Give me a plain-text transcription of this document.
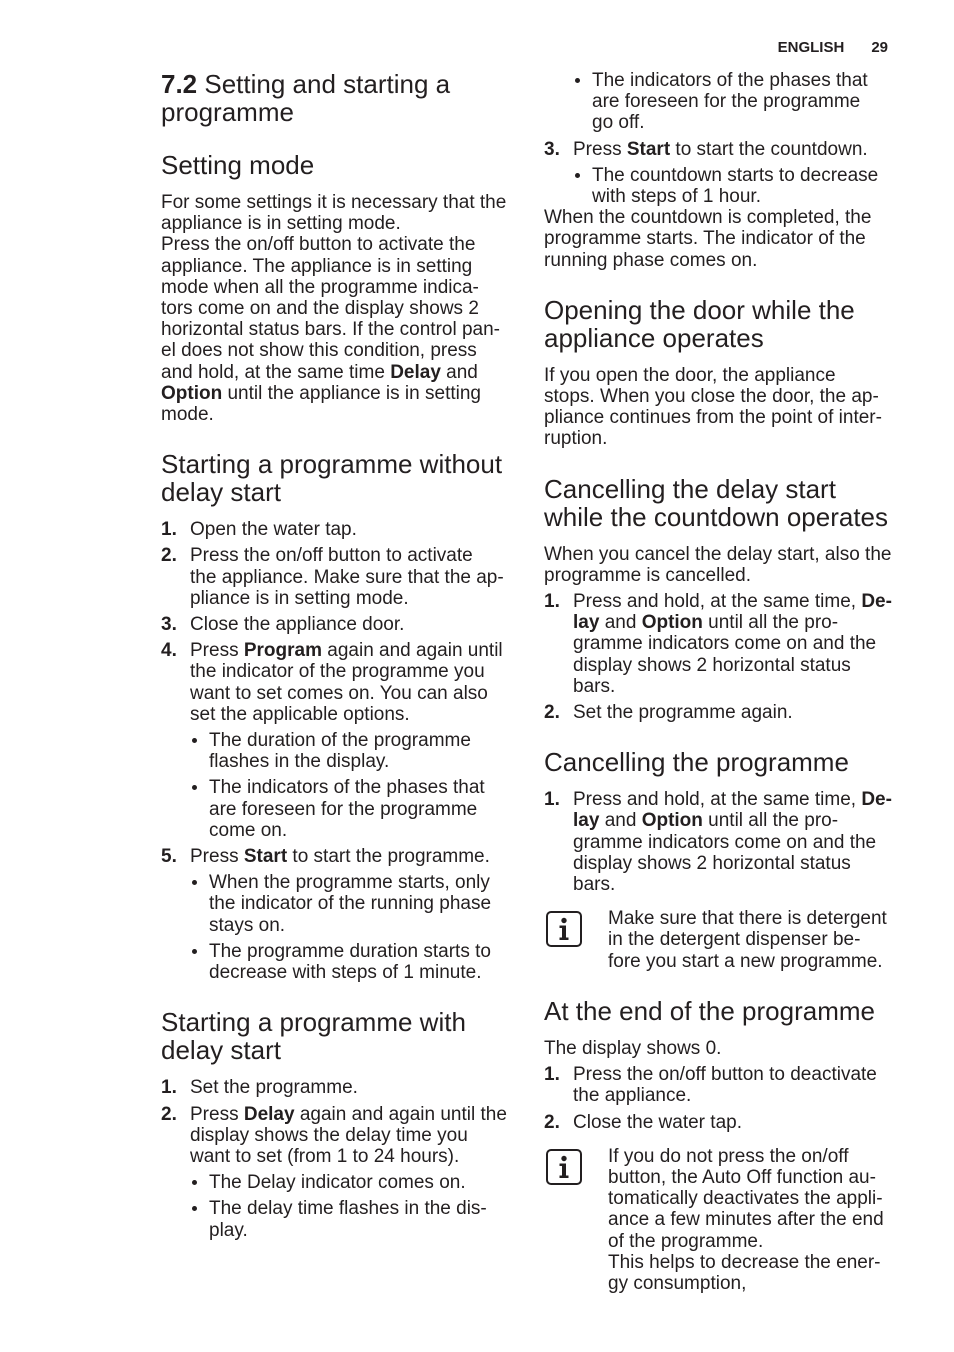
ENGLISH 29
7.2 Setting and starting a
programme
Setting mode
For some settings it is necessary that the
appliance is in setting mode.
Press the on/off button to activate the
appliance. The appliance is in setting
mode when all the programme indica-
tors come on and the display shows 2
horizontal status bars. If the control pan-
el does not show this condition, press
and hold, at the same time Delay and
Option until the appliance is in setting
mode.
Starting a programme without
delay start
1. Open the water tap.
2. Press the on/off button to activate
the appliance. Make sure that the ap-
pliance is in setting mode.
3. Close the appliance door.
4. Press Program again and again until
the indicator of the programme you
want to set comes on. You can also
set the applicable options.
The duration of the programme
flashes in the display.
The indicators of the phases that
are foreseen for the programme
come on.
5. Press Start to start the programme.
When the programme starts, only
the indicator of the running phase
stays on.
The programme duration starts to
decrease with steps of 1 minute.
Starting a programme with
delay start
1. Set the programme.
2. Press Delay again and again until the
display shows the delay time you
want to set (from 1 to 24 hours).
The Delay indicator comes on.
The delay time flashes in the dis-
play.
The indicators of the phases that
are foreseen for the programme
go off.
3. Press Start to start the countdown.
The countdown starts to decrease
with steps of 1 hour.
When the countdown is completed, the
programme starts. The indicator of the
running phase comes on.
Opening the door while the
appliance operates
If you open the door, the appliance
stops. When you close the door, the ap-
pliance continues from the point of inter-
ruption.
Cancelling the delay start
while the countdown operates
When you cancel the delay start, also the
programme is cancelled.
1. Press and hold, at the same time, De-
lay and Option until all the pro-
gramme indicators come on and the
display shows 2 horizontal status
bars.
2. Set the programme again.
Cancelling the programme
1. Press and hold, at the same time, De-
lay and Option until all the pro-
gramme indicators come on and the
display shows 2 horizontal status
bars.
Make sure that there is detergent
in the detergent dispenser be-
fore you start a new programme.
At the end of the programme
The display shows 0.
1. Press the on/off button to deactivate
the appliance.
2. Close the water tap.
If you do not press the on/off
button, the Auto Off function au-
tomatically deactivates the appli-
ance a few minutes after the end
of the programme.
This helps to decrease the ener-
gy consumption,
